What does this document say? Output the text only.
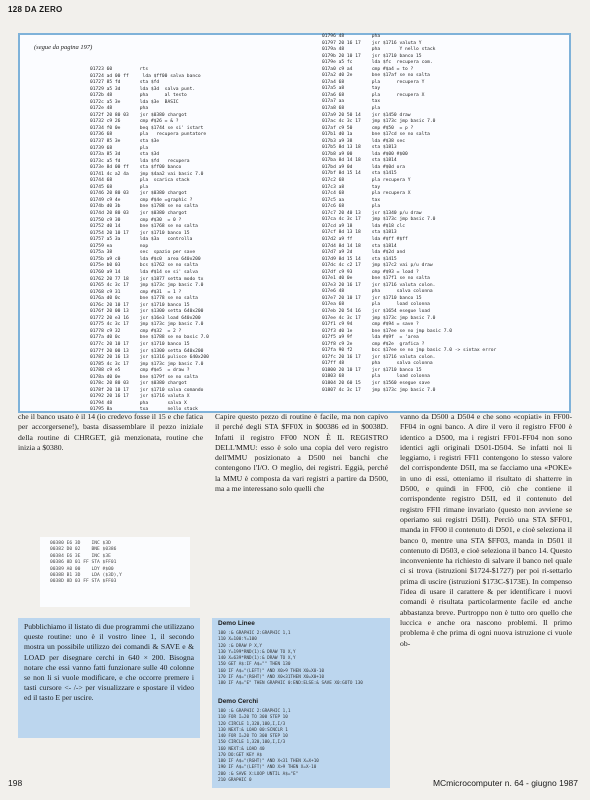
128 DA ZERO
(segue da pagina 197)
01723 60          rts
01724 ad 00 ff     lda $ff00 salva banco
01727 85 fd       sta $fd
01729 a5 3d       lda $3d  salva punt.
0172b 48          pha      al testo
0172c a5 3e       lda $3e  BASIC
0172e 48          pha
0172f 20 80 03    jsr $0380 chargot
01732 c9 26       cmp #$26 = & ?
01734 f0 0e       beq $1744 se si' istart
01736 68          pla   recupera puntatore
01737 85 3e       sta $3e
01739 68          pla
0173a 85 3d       sta $3d
0173c a5 fd       lda $fd   recupera
0173e 8d 00 ff    sta $ff00 banco
01741 4c a2 4a    jmp $4aa2 vai basic 7.0
01744 68          pla  scarica stack
01745 68          pla
01746 20 80 03    jsr $0380 chargot
01749 c9 4e       cmp #$4e =graphic ?
0174b d0 3b       bne $1788 se no salta
0174d 20 80 03    jsr $0380 chargot
01750 c9 30       cmp #$30  = 0 ?
01752 d0 14       bne $1768 se no salta
01754 20 10 17    jsr $1710 banco 15
01757 a5 3a       lda $3a   controlla
01759 ea          nop
0175a 38          sec  spazio per save
0175b a9 c0       lda #$c0  area 640x200
0175e b0 03       bcs $1762 se no salta
01760 a9 14       lda #$14 se si' salva
01762 20 77 18    jsr $1877 setta modo tx
01765 4c 3c 17    jmp $173c jmp basic 7.0
01768 c9 31       cmp #$31  = 1 ?
0176a d0 0c       bne $1778 se no salta
0176c 20 10 17    jsr $1710 banco 15
0176f 20 00 13    jsr $1300 setta 640x200
01772 20 e3 16    jsr $16e3 load 640x200
01775 4c 3c 17    jmp $173c jmp basic 7.0
01778 c9 32       cmp #$32  = 2 ?
0177a d0 0c       bne $1788 se no basic 7.0
0177c 20 10 17    jsr $1710 banco 15
0177f 20 00 13    jsr $1300 setta 640x200
01782 20 16 13    jsr $1316 pulisce 640x200
01785 4c 3c 17    jmp $173c jmp basic 7.0
01788 c9 e5       cmp #$e5  = draw ?
0178a d0 0e       bne $179f se no salta
0178c 20 80 03    jsr $0380 chargot
0178f 20 10 17    jsr $1710 salva comando
01792 20 16 17    jsr $1716 valuta X
01794 48          pha       salva X
01795 8a          txa       nello stack
01796 48          pha
01797 20 16 17    jsr $1716 valuta Y
0179a 48          pha       Y nello stack
0179b 20 10 17    jsr $1710 banco 15
0179e a5 fc       lda $fc  recupera com.
017a0 c9 a4       cmp #$a4 = to ?
017a2 d0 2e       bne $17af se no salta
017a4 68          pla      recupera Y
017a5 a8          tay
017a6 68          pla      recupera X
017a7 aa          tax
017a8 68          pla
017a9 20 50 14    jsr $1450 draw
017ac 4c 3c 17    jmp $173c jmp basic 7.0
017af c9 50       cmp #$50  = p ?
017b1 d0 1a       bne $17cd se no salta
017b3 a9 38       lda #$38 sec
017b5 8d 13 18    sta $1813
017b8 a9 00       lda #$00 #$00
017ba 8d 14 18    sta $1814
017bd a9 0d       lda #$0d ora
017bf 8d 15 14    sta $1415
017c2 68          pla recupera Y
017c3 a8          tay
017c4 68          pla recupera X
017c5 aa          tax
017c6 68          pla
017c7 20 40 13    jsr $1340 p/u draw
017ca 4c 3c 17    jmp $173c jmp basic 7.0
017cd a9 18       lda #$18 clc
017cf 8d 13 18    sta $1813
017d2 a9 ff       lda #$ff #$ff
017d4 8d 14 18    sta $1814
017d7 a9 2d       lda #$2d and
017d9 8d 15 14    sta $1415
017dc 4c c2 17    jmp $17c2 vai p/u draw
017df c9 93       cmp #$93 = load ?
017e1 d0 0e       bne $17f1 se no salta
017e3 20 16 17    jsr $1716 valuta colon.
017e6 48          pha      salva colonna
017e7 20 10 17    jsr $1710 banco 15
017ea 68          pla      load colonna
017eb 20 54 16    jsr $1654 esegue load
017ee 4c 3c 17    jmp $173c jmp basic 7.0
017f1 c9 94       cmp #$94 = save ?
017f3 d0 1e       bne $17ee se no jmp basic 7.0
017f5 a9 9f       lda #$9f  = 'area
017f8 c9 2e       cmp #$2e  grafica ?
017fa 90 f2       bcc $17ee se no jmp basic 7.0 -> sintax error
017fc 20 16 17    jsr $1716 valuta colon.
017ff 48          pha      salva colonna
01800 20 10 17    jsr $1710 banco 15
01803 68          pla      load colonna
01804 20 60 15    jsr $1560 esegue save
01807 4c 3c 17    jmp $173c jmp basic 7.0

che il banco usato è il 14 (io credevo fosse il 15 e che fatica per accorgersene!), basta disassemblare il pezzo iniziale della routine di CHRGET, già menzionata, routine che inizia a $0380.

00380 E6 3D    INC $3D
00382 D0 02    BNE $0386
00384 E6 3E    INC $3E
00386 8D 01 FF STA $FF01
00389 A0 00    LDY #$00
0038B B1 3D    LDA ($3D),Y
0038D 8D 03 FF STA $FF03

Capire questo pezzo di routine è facile, ma non capivo il perché degli STA $FF0X in $00386 ed in $0038D. Infatti il registro FF00 NON È IL REGISTRO DELL'MMU: esso è solo una copia del vero registro dell'MMU posizionato a D500 nei banchi che contengono l'I/O. O meglio, dei registri. Eggià, perché la MMU è composta da vari registri a partire da D500, ma a me interessano solo quelli che

vanno da D500 a D504 e che sono «copiati» in FF00-FF04 in ogni banco. A dire il vero il registro FF00 è identico a D500, ma i registri FF01-FF04 non sono identici agli originali D501-D504. Se infatti noi li leggiamo, i registri FFI1 contengono lo stesso valore del corrispondente D5II, ma se facciamo una «POKE» in uno di essi, otteniamo il risultato di shatterre in D500, e quindi in FF00, ciò che contiene il corrispondente registro D5II, ed il contenuto del registro FFII rimane invariato (questo non avviene se operiamo sui registri D5II). Perciò una STA $FF01, manda in FF00 il contenuto di D501, e cioè seleziona il banco 0, mentre una STA $FF03, manda in D501 il contenuto di D503, e cioè seleziona il banco 14. Questo inconveniente ha richiesto di salvare il banco nel quale ci si trova (istruzioni $1724-$1727) per poi ri-settarlo prima di uscire (istruzioni $173C-$173E). In compenso l'idea di usare il carattere & per identificare i nuovi comandi è risultata particolarmente facile ed anche abbastanza breve. Purtroppo non è tutto oro quello che luccica e anche ora nascono problemi. Il primo problema è che prima di ogni nuova istruzione ci vuole ob-

Pubblichiamo il listato di due programmi che utilizzano queste routine: uno è il vostro linee 1, il secondo mostra un possibile utilizzo dei comandi & SAVE e & LOAD per disegnare cerchi in 640 × 200. Bisogna notare che essi vanno fatti funzionare sulle 40 colonne se non li si vuole modificare, e che occorre premere i tasti cursore <- /-> per visualizzare e spostare il video ed il tasto E per uscire.
Demo Linee
100 :& GRAPHIC 2:GRAPHIC 1,1
110 X=100:Y=100
120 :& DRAW P X,Y
130 Y=199*RND(1):& DRAW TO X,Y
140 X=639*RND(1):& DRAW TO X,Y
150 GET A$:IF A$="" THEN 130
160 IF A$="(LEFT)" AND X0>9 THEN X0=X0-10
170 IF A$="(RGHT)" AND X0<31THEN X0=X0+10
180 IF A$="E" THEN GRAPHIC 0:END:ELSE:& SAVE X0:GOTO 130
Demo Cerchi
100 :& GRAPHIC 2:GRAPHIC 1,1
110 FOR I=20 TO 300 STEP 10
120 CIRCLE 1,320,100,I,I/3
130 NEXT:& LOAD 00:SCNCLR 1
140 FOR I=20 TO 300 STEP 10
150 CIRCLE 1,320,100,I,I/3
160 NEXT:& LOAD 40
170 DO:GET KEY A$
180 IF A$="(RGHT)" AND X<31 THEN X=X+10
190 IF A$="(LEFT)" AND X>9 THEN X=X-10
200 :& SAVE X:LOOP UNTIL A$="E"
210 GRAPHIC 0
198	MCmicrocomputer n. 64 - giugno 1987
